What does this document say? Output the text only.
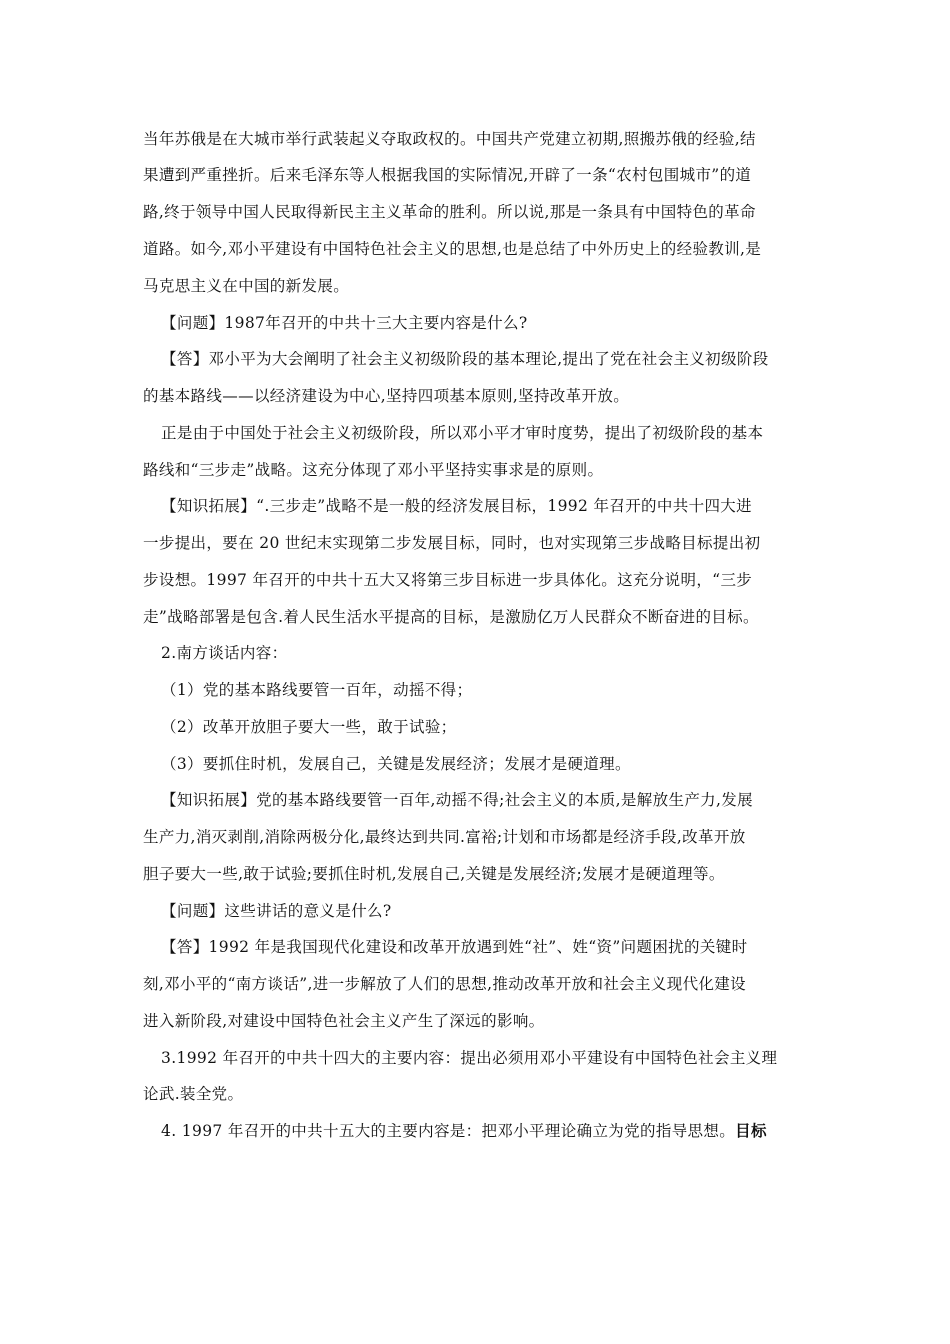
当年苏俄是在大城市举行武装起义夺取政权的。中国共产党建立初期,照搬苏俄的经验,结
果遭到严重挫折。后来毛泽东等人根据我国的实际情况,开辟了一条“农村包围城市”的道
路,终于领导中国人民取得新民主主义革命的胜利。所以说,那是一条具有中国特色的革命
道路。如今,邓小平建设有中国特色社会主义的思想,也是总结了中外历史上的经验教训,是
马克思主义在中国的新发展。
【问题】1987年召开的中共十三大主要内容是什么?
【答】邓小平为大会阐明了社会主义初级阶段的基本理论,提出了党在社会主义初级阶段
的基本路线——以经济建设为中心,坚持四项基本原则,坚持改革开放。
正是由于中国处于社会主义初级阶段，所以邓小平才审时度势，提出了初级阶段的基本
路线和“三步走”战略。这充分体现了邓小平坚持实事求是的原则。
【知识拓展】“.三步走”战略不是一般的经济发展目标，1992 年召开的中共十四大进
一步提出，要在 20 世纪末实现第二步发展目标，同时，也对实现第三步战略目标提出初
步设想。1997 年召开的中共十五大又将第三步目标进一步具体化。这充分说明，“三步
走”战略部署是包含.着人民生活水平提高的目标，是激励亿万人民群众不断奋进的目标。
2.南方谈话内容：
（1）党的基本路线要管一百年，动摇不得；
（2）改革开放胆子要大一些，敢于试验；
（3）要抓住时机，发展自己，关键是发展经济；发展才是硬道理。
【知识拓展】党的基本路线要管一百年,动摇不得;社会主义的本质,是解放生产力,发展
生产力,消灭剥削,消除两极分化,最终达到共同.富裕;计划和市场都是经济手段,改革开放
胆子要大一些,敢于试验;要抓住时机,发展自己,关键是发展经济;发展才是硬道理等。
【问题】这些讲话的意义是什么?
【答】1992 年是我国现代化建设和改革开放遇到姓“社”、姓“资”问题困扰的关键时
刻,邓小平的“南方谈话”,进一步解放了人们的思想,推动改革开放和社会主义现代化建设
进入新阶段,对建设中国特色社会主义产生了深远的影响。
3.1992 年召开的中共十四大的主要内容：提出必须用邓小平建设有中国特色社会主义理
论武.装全党。
4. 1997 年召开的中共十五大的主要内容是：把邓小平理论确立为党的指导思想。目标
